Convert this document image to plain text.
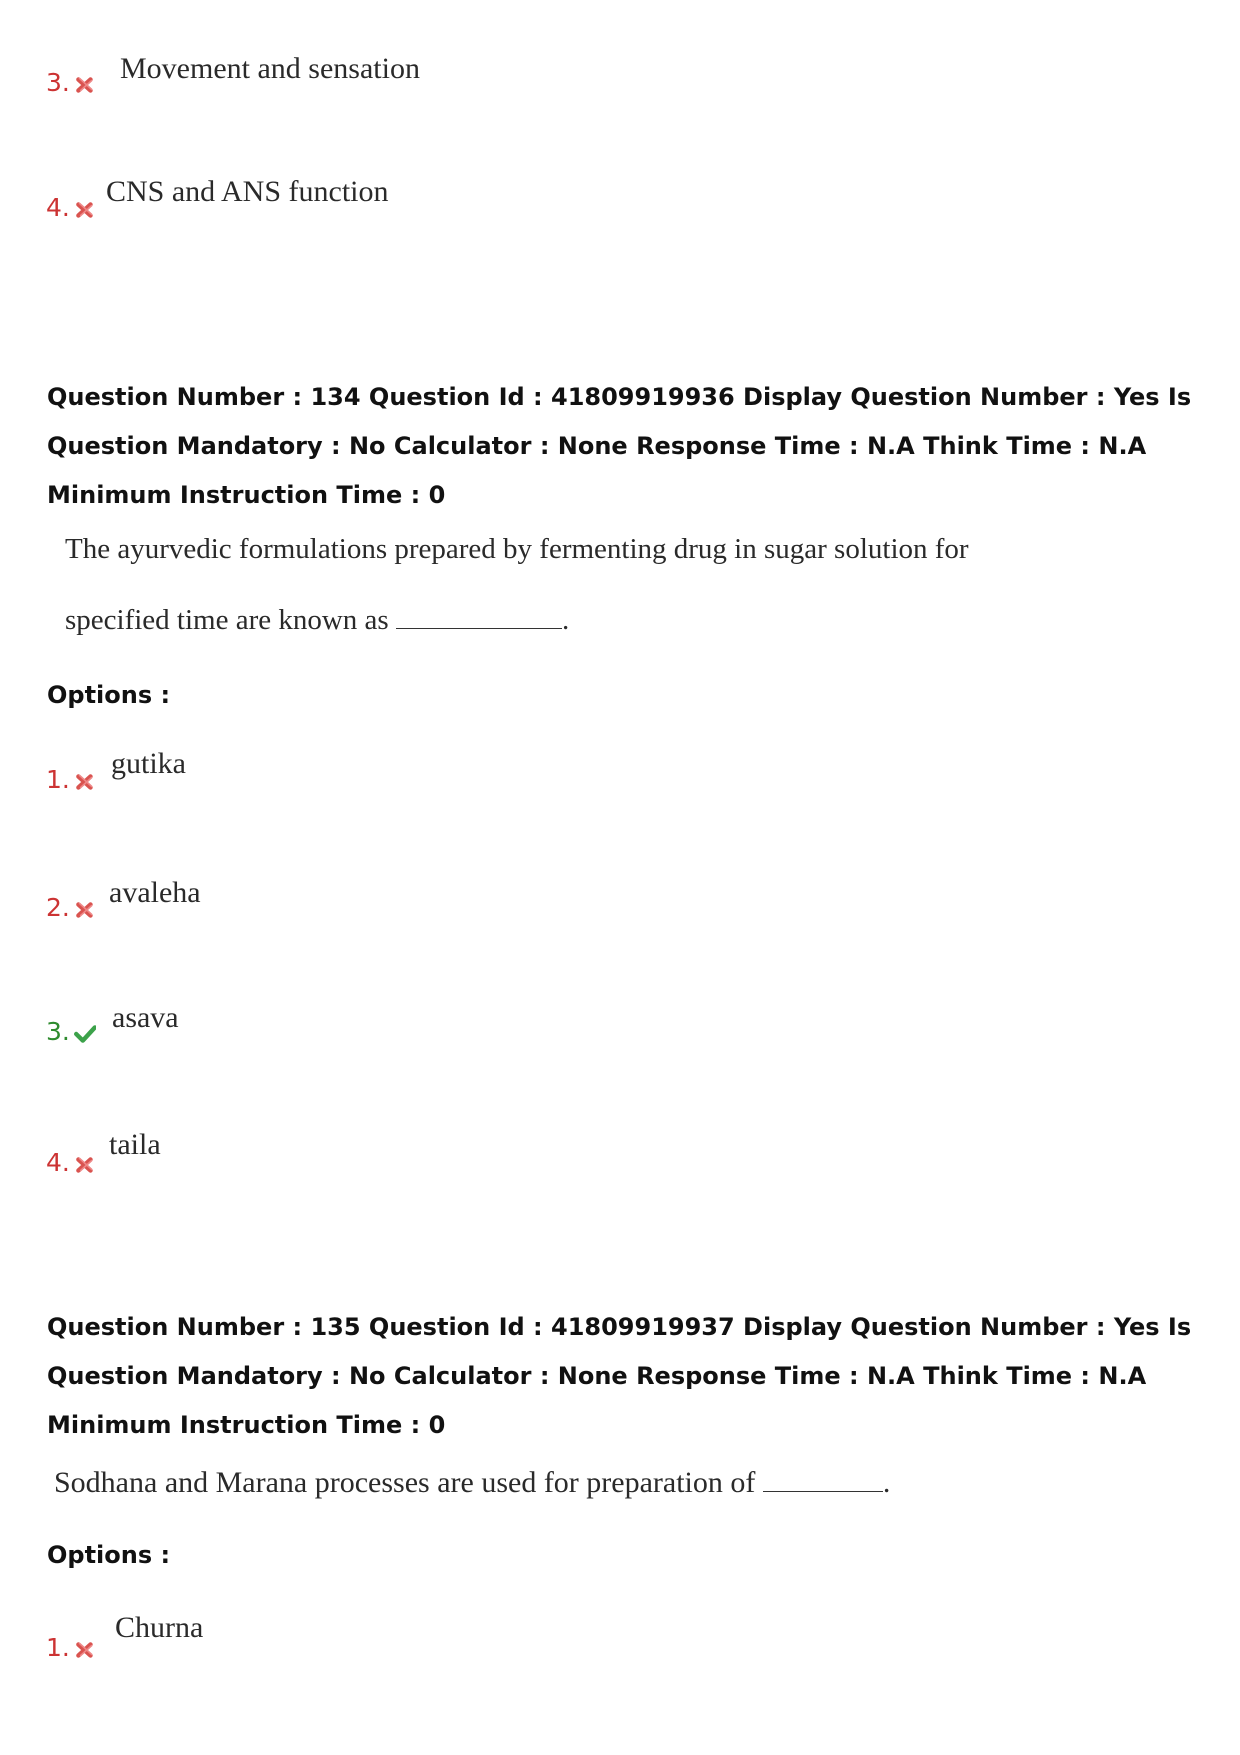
3. Movement and sensation
4. CNS and ANS function
Question Number : 134 Question Id : 41809919936 Display Question Number : Yes Is Question Mandatory : No Calculator : None Response Time : N.A Think Time : N.A Minimum Instruction Time : 0
The ayurvedic formulations prepared by fermenting drug in sugar solution for
specified time are known as	.
Options :
1. gutika
2. avaleha
3. asava
4.
taila
Question Number : 135 Question Id : 41809919937 Display Question Number : Yes Is Question Mandatory : No Calculator : None Response Time : N.A Think Time : N.A Minimum Instruction Time : 0
Sodhana and Marana processes are used for preparation of	.
Options :
1.
Churna
